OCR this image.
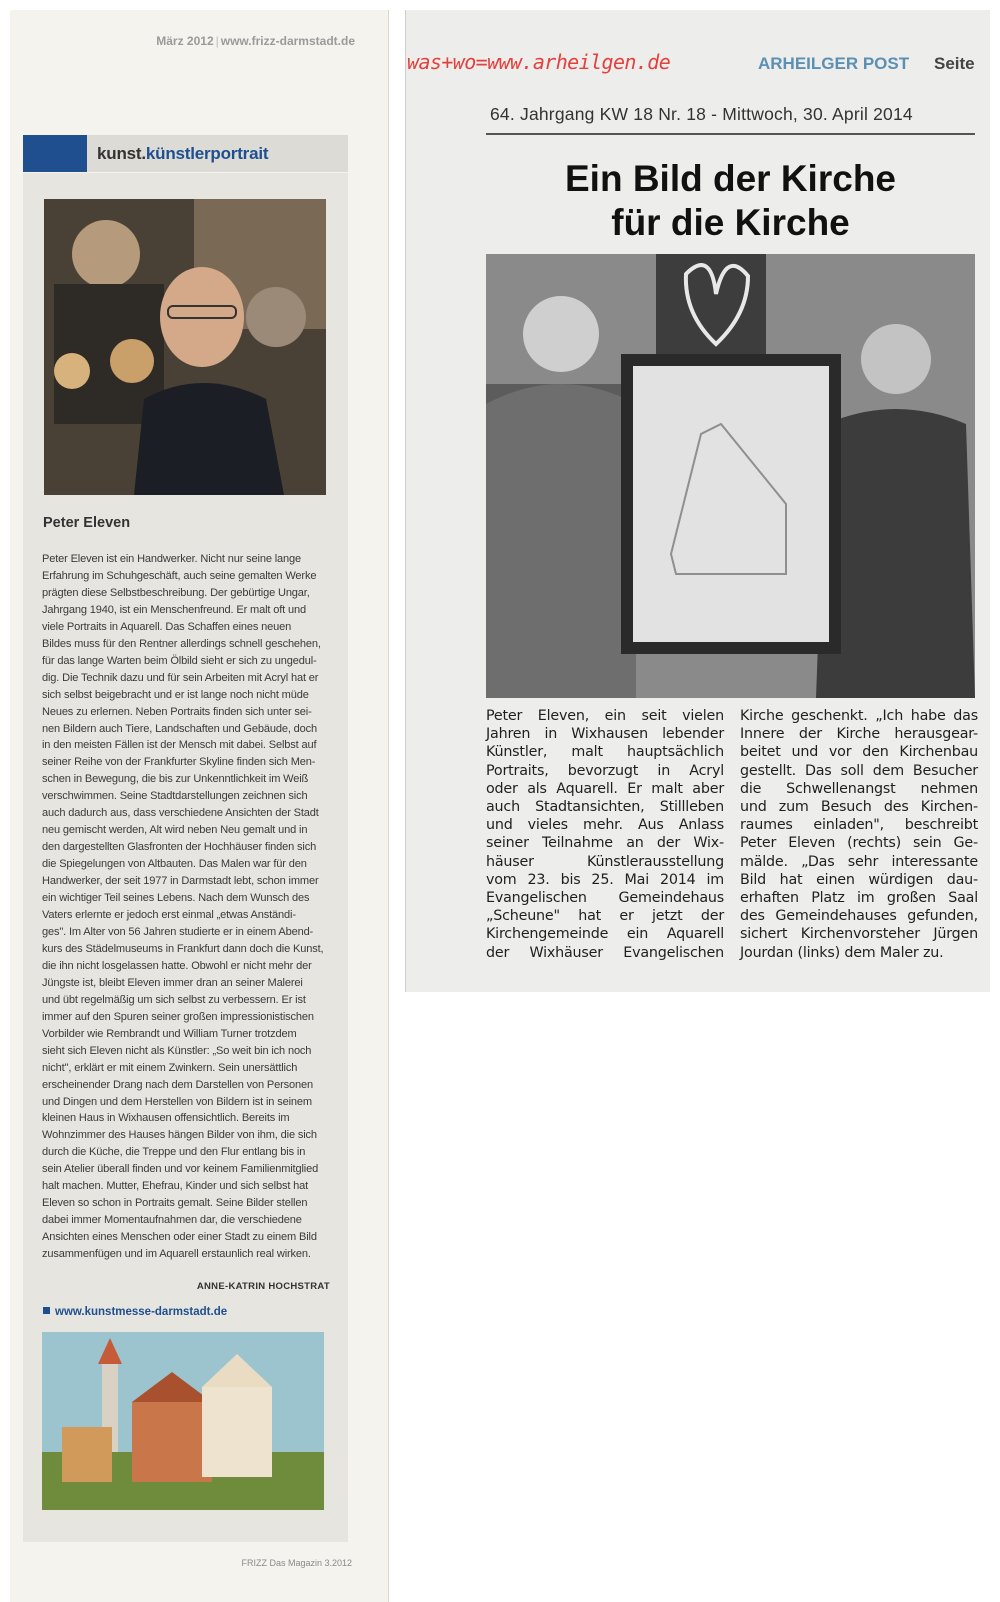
März 2012 | www.frizz-darmstadt.de
kunst.künstlerportrait
Peter Eleven
Peter Eleven ist ein Handwerker. Nicht nur seine lange
Erfahrung im Schuhgeschäft, auch seine gemalten Werke
prägten diese Selbstbeschreibung. Der gebürtige Ungar,
Jahrgang 1940, ist ein Menschenfreund. Er malt oft und
viele Portraits in Aquarell. Das Schaffen eines neuen
Bildes muss für den Rentner allerdings schnell geschehen,
für das lange Warten beim Ölbild sieht er sich zu ungedul-
dig. Die Technik dazu und für sein Arbeiten mit Acryl hat er
sich selbst beigebracht und er ist lange noch nicht müde
Neues zu erlernen. Neben Portraits finden sich unter sei-
nen Bildern auch Tiere, Landschaften und Gebäude, doch
in den meisten Fällen ist der Mensch mit dabei. Selbst auf
seiner Reihe von der Frankfurter Skyline finden sich Men-
schen in Bewegung, die bis zur Unkenntlichkeit im Weiß
verschwimmen. Seine Stadtdarstellungen zeichnen sich
auch dadurch aus, dass verschiedene Ansichten der Stadt
neu gemischt werden, Alt wird neben Neu gemalt und in
den dargestellten Glasfronten der Hochhäuser finden sich
die Spiegelungen von Altbauten. Das Malen war für den
Handwerker, der seit 1977 in Darmstadt lebt, schon immer
ein wichtiger Teil seines Lebens. Nach dem Wunsch des
Vaters erlernte er jedoch erst einmal „etwas Anständi-
ges". Im Alter von 56 Jahren studierte er in einem Abend-
kurs des Städelmuseums in Frankfurt dann doch die Kunst,
die ihn nicht losgelassen hatte. Obwohl er nicht mehr der
Jüngste ist, bleibt Eleven immer dran an seiner Malerei
und übt regelmäßig um sich selbst zu verbessern. Er ist
immer auf den Spuren seiner großen impressionistischen
Vorbilder wie Rembrandt und William Turner trotzdem
sieht sich Eleven nicht als Künstler: „So weit bin ich noch
nicht", erklärt er mit einem Zwinkern. Sein unersättlich
erscheinender Drang nach dem Darstellen von Personen
und Dingen und dem Herstellen von Bildern ist in seinem
kleinen Haus in Wixhausen offensichtlich. Bereits im
Wohnzimmer des Hauses hängen Bilder von ihm, die sich
durch die Küche, die Treppe und den Flur entlang bis in
sein Atelier überall finden und vor keinem Familienmitglied
halt machen. Mutter, Ehefrau, Kinder und sich selbst hat
Eleven so schon in Portraits gemalt. Seine Bilder stellen
dabei immer Momentaufnahmen dar, die verschiedene
Ansichten eines Menschen oder einer Stadt zu einem Bild
zusammenfügen und im Aquarell erstaunlich real wirken.
ANNE-KATRIN HOCHSTRAT
www.kunstmesse-darmstadt.de
FRIZZ Das Magazin 3.2012
was+wo=www.arheilgen.de	ARHEILGER POST Seite
64. Jahrgang KW 18 Nr. 18 - Mittwoch, 30. April 2014
Ein Bild der Kirche
für die Kirche
Peter Eleven, ein seit vielen
Jahren in Wixhausen lebender
Künstler, malt hauptsächlich
Portraits, bevorzugt in Acryl
oder als Aquarell. Er malt aber
auch Stadtansichten, Stillleben
und vieles mehr. Aus Anlass
seiner Teilnahme an der Wix-
häuser Künstlerausstellung
vom 23. bis 25. Mai 2014 im
Evangelischen Gemeindehaus
„Scheune" hat er jetzt der
Kirchengemeinde ein Aquarell
der Wixhäuser Evangelischen
Kirche geschenkt. „Ich habe das
Innere der Kirche herausgear-
beitet und vor den Kirchenbau
gestellt. Das soll dem Besucher
die Schwellenangst nehmen
und zum Besuch des Kirchen-
raumes einladen", beschreibt
Peter Eleven (rechts) sein Ge-
mälde. „Das sehr interessante
Bild hat einen würdigen dau-
erhaften Platz im großen Saal
des Gemeindehauses gefunden,
sichert Kirchenvorsteher Jürgen
Jourdan (links) dem Maler zu.
